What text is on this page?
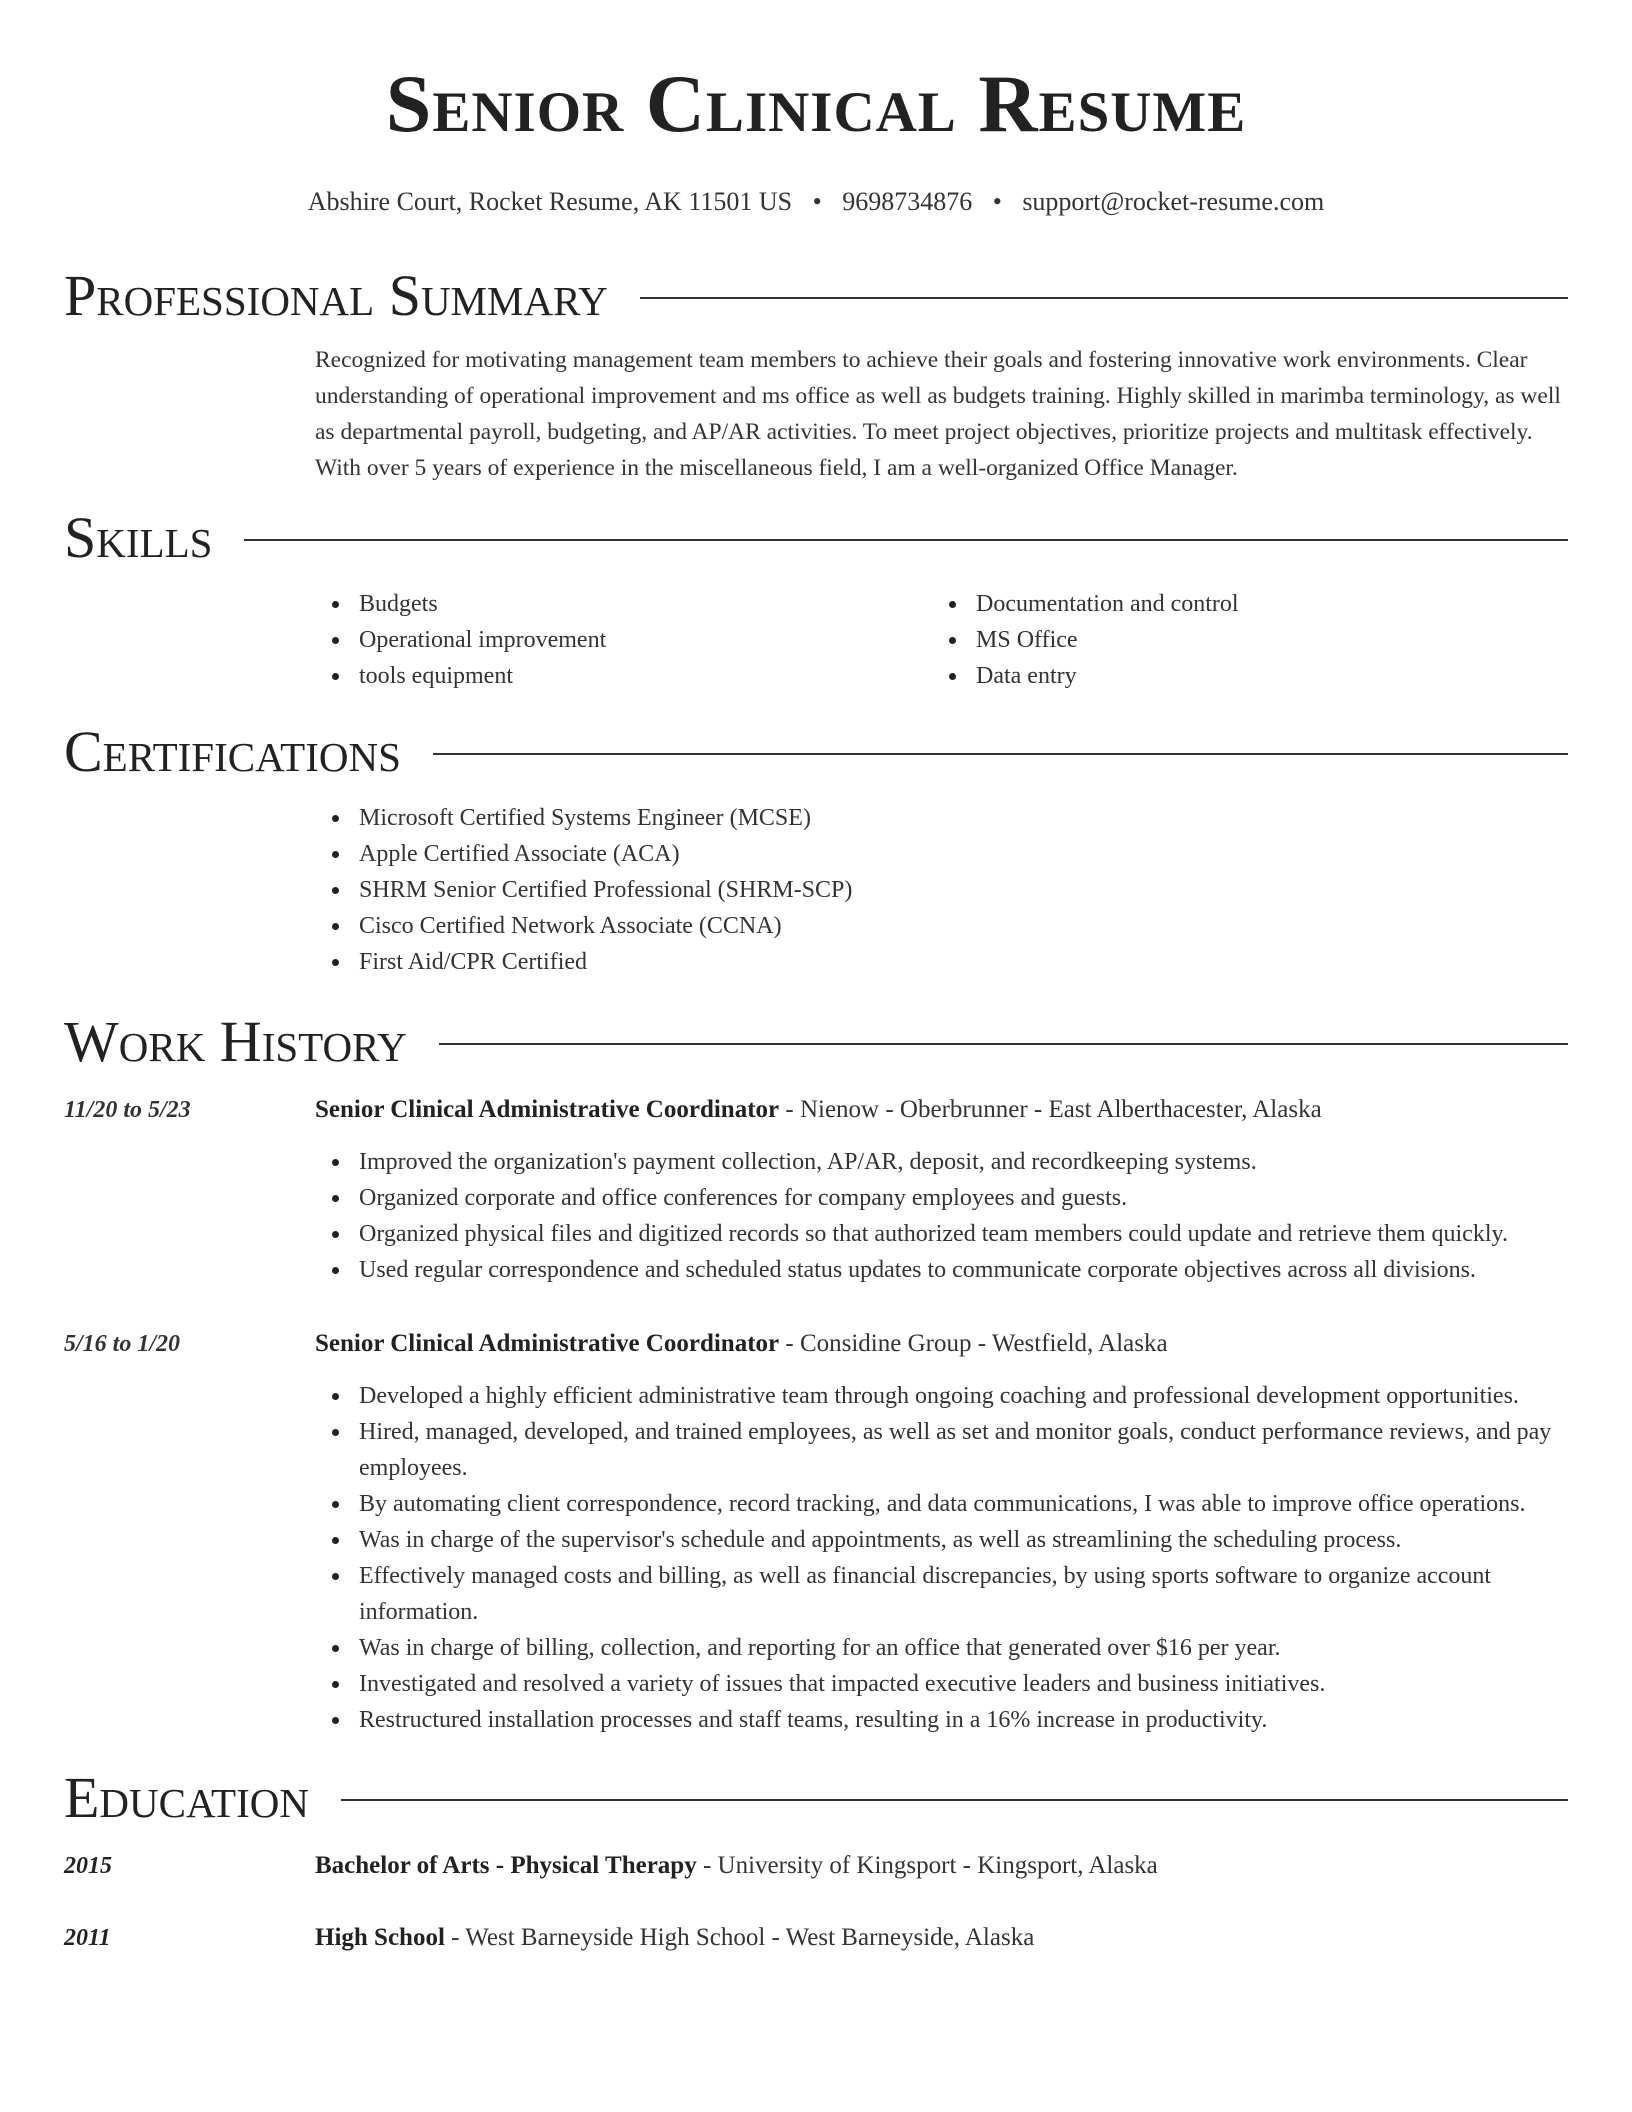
Senior Clinical Resume
Abshire Court, Rocket Resume, AK 11501 US • 9698734876 • support@rocket-resume.com
Professional Summary

Recognized for motivating management team members to achieve their goals and fostering innovative work environments. Clear understanding of operational improvement and ms office as well as budgets training. Highly skilled in marimba terminology, as well as departmental payroll, budgeting, and AP/AR activities. To meet project objectives, prioritize projects and multitask effectively. With over 5 years of experience in the miscellaneous field, I am a well-organized Office Manager.

Skills
Budgets
Operational improvement
tools equipment
Documentation and control
MS Office
Data entry
Certifications
Microsoft Certified Systems Engineer (MCSE)
Apple Certified Associate (ACA)
SHRM Senior Certified Professional (SHRM-SCP)
Cisco Certified Network Associate (CCNA)
First Aid/CPR Certified
Work History
11/20 to 5/23	Senior Clinical Administrative Coordinator - Nienow - Oberbrunner - East Alberthacester, Alaska
Improved the organization's payment collection, AP/AR, deposit, and recordkeeping systems.
Organized corporate and office conferences for company employees and guests.
Organized physical files and digitized records so that authorized team members could update and retrieve them quickly.
Used regular correspondence and scheduled status updates to communicate corporate objectives across all divisions.
5/16 to 1/20	Senior Clinical Administrative Coordinator - Considine Group - Westfield, Alaska
Developed a highly efficient administrative team through ongoing coaching and professional development opportunities.
Hired, managed, developed, and trained employees, as well as set and monitor goals, conduct performance reviews, and pay employees.
By automating client correspondence, record tracking, and data communications, I was able to improve office operations.
Was in charge of the supervisor's schedule and appointments, as well as streamlining the scheduling process.
Effectively managed costs and billing, as well as financial discrepancies, by using sports software to organize account information.
Was in charge of billing, collection, and reporting for an office that generated over $16 per year.
Investigated and resolved a variety of issues that impacted executive leaders and business initiatives.
Restructured installation processes and staff teams, resulting in a 16% increase in productivity.
Education
2015	Bachelor of Arts - Physical Therapy - University of Kingsport - Kingsport, Alaska
2011	High School - West Barneyside High School - West Barneyside, Alaska
